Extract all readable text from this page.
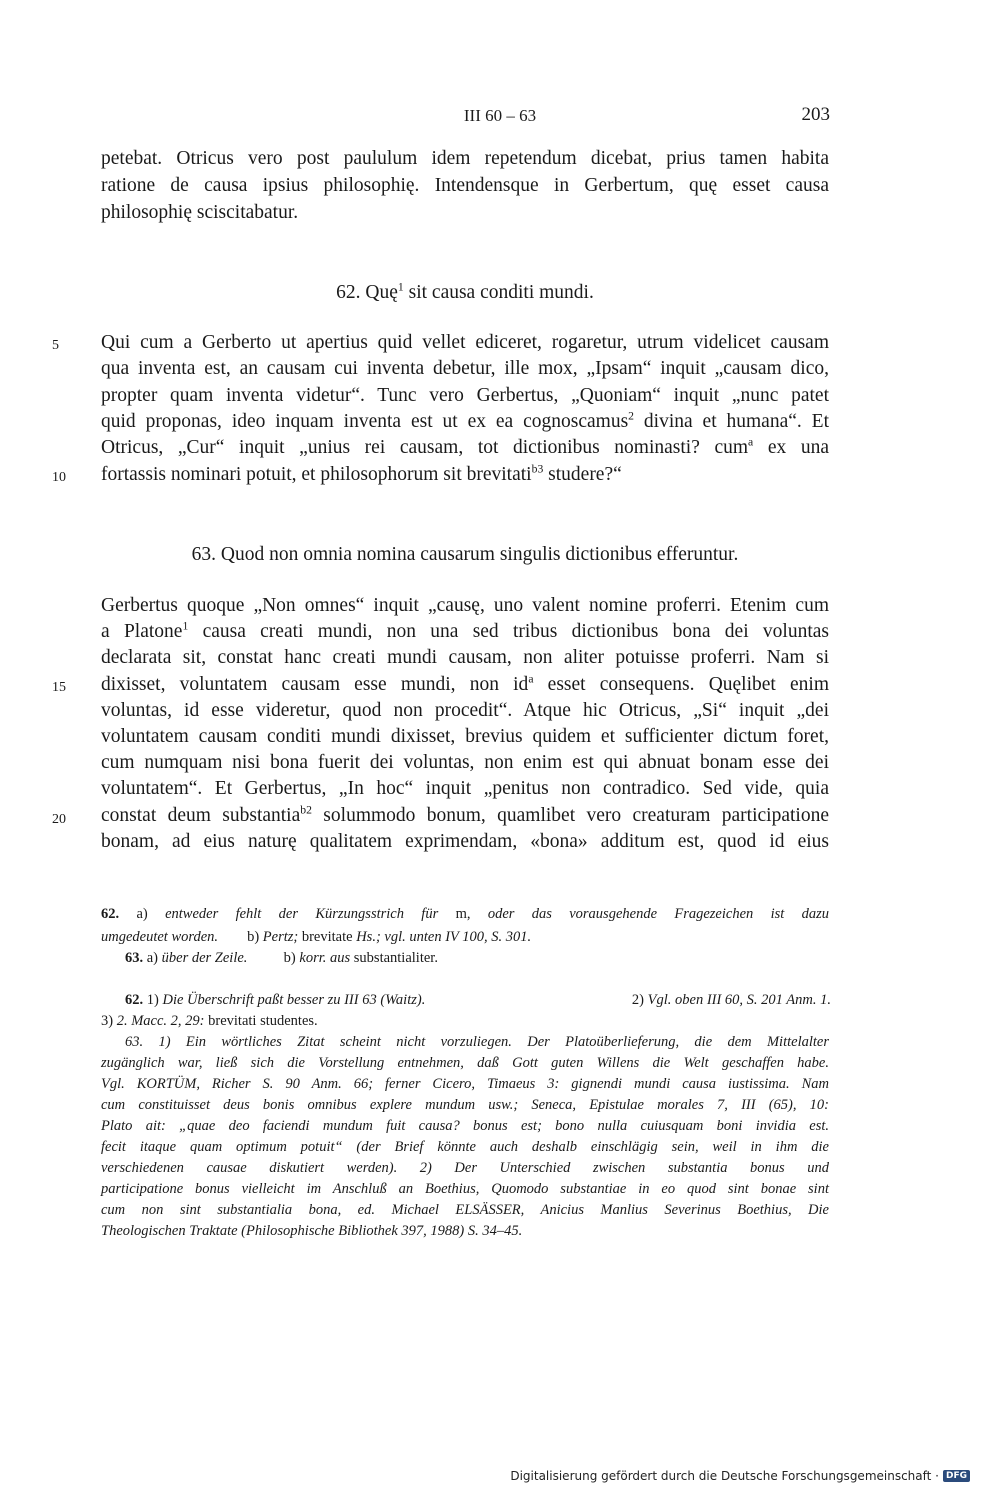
III 60 – 63	203
petebat. Otricus vero post paululum idem repetendum dicebat, prius tamen habita
ratione de causa ipsius philosophię. Intendensque in Gerbertum, quę esset causa
philosophię sciscitabatur.
62. Quę$^1$ sit causa conditi mundi.
Qui cum a Gerberto ut apertius quid vellet ediceret, rogaretur, utrum videlicet causam
qua inventa est, an causam cui inventa debetur, ille mox, „Ipsam“ inquit „causam dico,
propter quam inventa videtur“. Tunc vero Gerbertus, „Quoniam“ inquit „nunc patet
quid proponas, ideo inquam inventa est ut ex ea cognoscamus$^2$ divina et humana“. Et
Otricus, „Cur“ inquit „unius rei causam, tot dictionibus nominasti? cum$^a$ ex una
fortassis nominari potuit, et philosophorum sit brevitati$^{b3}$ studere?“
63. Quod non omnia nomina causarum singulis dictionibus efferuntur.
Gerbertus quoque „Non omnes“ inquit „causę, uno valent nomine proferri. Etenim cum
a Platone$^1$ causa creati mundi, non una sed tribus dictionibus bona dei voluntas
declarata sit, constat hanc creati mundi causam, non aliter potuisse proferri. Nam si
dixisset, voluntatem causam esse mundi, non $id^a$ esset consequens. Quęlibet enim
voluntas, id esse videretur, quod non procedit“. Atque hic Otricus, „Si“ inquit „dei
voluntatem causam conditi mundi dixisset, brevius quidem et sufficienter dictum foret,
cum numquam nisi bona fuerit dei voluntas, non enim est qui abnuat bonam esse dei
voluntatem“. Et Gerbertus, „In hoc“ inquit „penitus non contradico. Sed vide, quia
constat deum substantia$^{b2}$ solummodo bonum, quamlibet vero creaturam participatione
bonam, ad eius naturę qualitatem exprimendam, «bona» additum est, quod id eius
5
10
15
20
62. a) entweder fehlt der Kürzungsstrich für m, oder das vorausgehende Fragezeichen ist dazu
umgedeutet worden. b) Pertz; brevitate Hs.; vgl. unten IV 100, S. 301.
63. a) über der Zeile.	b) korr. aus substantialiter.
62. 1) Die Überschrift paßt besser zu III 63 (Waitz).	2) Vgl. oben III 60, S. 201 Anm. 1.
3) 2. Macc. 2, 29: brevitati studentes.
63. 1) Ein wörtliches Zitat scheint nicht vorzuliegen. Der Platoüberlieferung, die dem Mittelalter
zugänglich war, ließ sich die Vorstellung entnehmen, daß Gott guten Willens die Welt geschaffen habe.
Vgl. KORTÜM, Richer S. 90 Anm. 66; ferner Cicero, Timaeus 3: gignendi mundi causa iustissima. Nam
cum constituisset deus bonis omnibus explere mundum usw.; Seneca, Epistulae morales 7, III (65), 10:
Plato ait: „quae deo faciendi mundum fuit causa? bonus est; bono nulla cuiusquam boni invidia est.
fecit itaque quam optimum potuit“ (der Brief könnte auch deshalb einschlägig sein, weil in ihm die
verschiedenen causae diskutiert werden). 2) Der Unterschied zwischen substantia bonus und
participatione bonus vielleicht im Anschluß an Boethius, Quomodo substantiae in eo quod sint bonae sint
cum non sint substantialia bona, ed. Michael ELSÄSSER, Anicius Manlius Severinus Boethius, Die
Theologischen Traktate (Philosophische Bibliothek 397, 1988) S. 34–45.
Digitalisierung gefördert durch die Deutsche Forschungsgemeinschaft · DFG
